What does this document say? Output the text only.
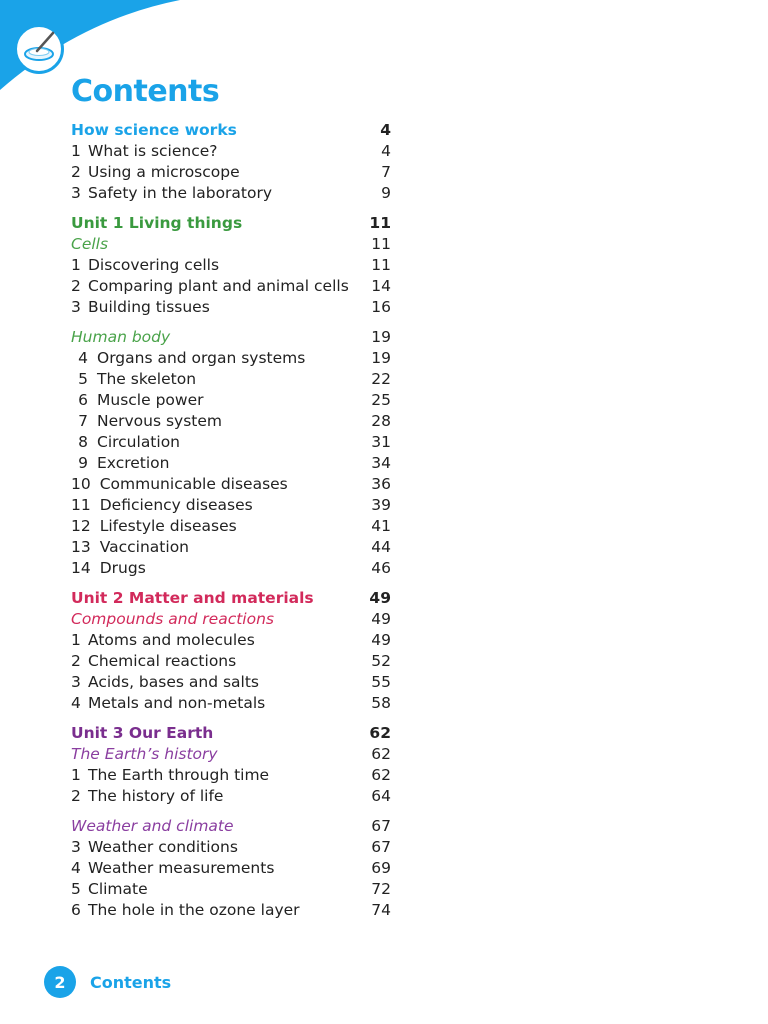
Contents
How science works	4
1 What is science?	4
2 Using a microscope	7
3 Safety in the laboratory	9
Unit 1 Living things	11
Cells	11
1 Discovering cells	11
2 Comparing plant and animal cells 14
3 Building tissues	16
Human body	19
4 Organs and organ systems	19
5 The skeleton	22
6 Muscle power	25
7 Nervous system	28
8 Circulation	31
9 Excretion	34
10 Communicable diseases	36
11 Deficiency diseases	39
12 Lifestyle diseases	41
13 Vaccination	44
14 Drugs	46
Unit 2 Matter and materials	49
Compounds and reactions	49
1 Atoms and molecules	49
2 Chemical reactions	52
3 Acids, bases and salts	55
4 Metals and non-metals	58
Unit 3 Our Earth	62
The Earth’s history	62
1 The Earth through time	62
2 The history of life	64
Weather and climate	67
3 Weather conditions	67
4 Weather measurements	69
5 Climate	72
6 The hole in the ozone layer	74
2	Contents
